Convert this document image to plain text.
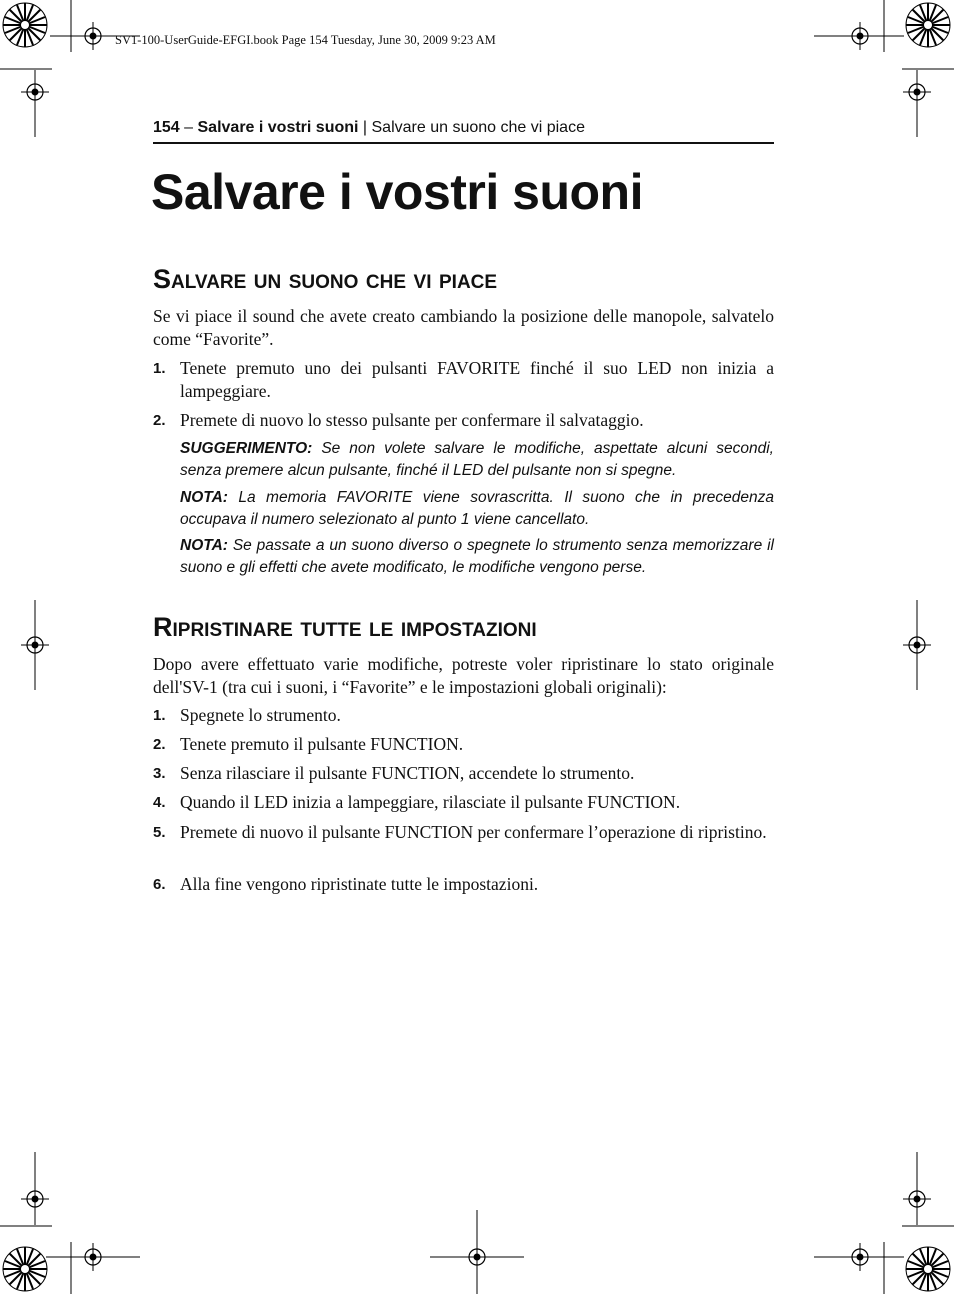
SV1-100-UserGuide-EFGI.book Page 154 Tuesday, June 30, 2009 9:23 AM
154 – Salvare i vostri suoni | Salvare un suono che vi piace
Salvare i vostri suoni
Salvare un suono che vi piace
Se vi piace il sound che avete creato cambiando la posizione delle manopole, salvatelo come “Favorite”.
1. Tenete premuto uno dei pulsanti FAVORITE finché il suo LED non inizia a lampeggiare.
2. Premete di nuovo lo stesso pulsante per confermare il salvataggio.
SUGGERIMENTO: Se non volete salvare le modifiche, aspettate alcuni secondi, senza premere alcun pulsante, finché il LED del pulsante non si spegne.
NOTA: La memoria FAVORITE viene sovrascritta. Il suono che in precedenza occupava il numero selezionato al punto 1 viene cancellato.
NOTA: Se passate a un suono diverso o spegnete lo strumento senza memorizzare il suono e gli effetti che avete modificato, le modifiche vengono perse.
Ripristinare tutte le impostazioni
Dopo avere effettuato varie modifiche, potreste voler ripristinare lo stato originale dell'SV-1 (tra cui i suoni, i “Favorite” e le impostazioni globali originali):
1. Spegnete lo strumento.
2. Tenete premuto il pulsante FUNCTION.
3. Senza rilasciare il pulsante FUNCTION, accendete lo strumento.
4. Quando il LED inizia a lampeggiare, rilasciate il pulsante FUNCTION.
5. Premete di nuovo il pulsante FUNCTION per confermare l’operazione di ripristino.
6. Alla fine vengono ripristinate tutte le impostazioni.
